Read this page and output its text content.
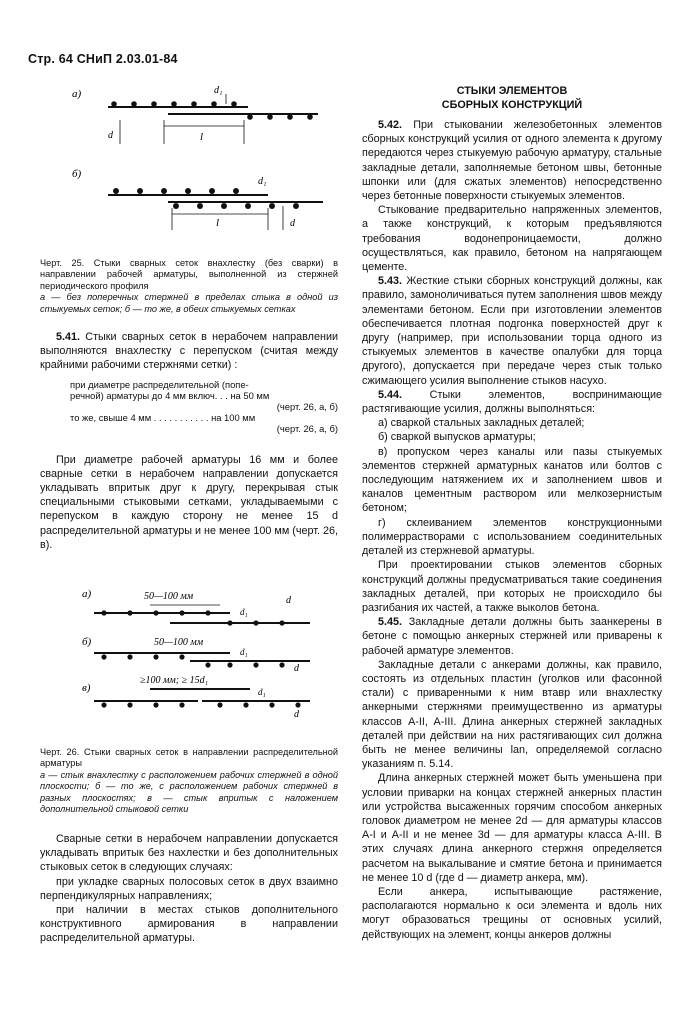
Стр. 64 СНиП 2.03.01-84
а)	d₁
l
d
б)
d₁
l	d

Черт. 25. Стыки сварных сеток внахлестку (без сварки) в направлении рабочей арматуры, выполненной из стержней периодического профиля

а — без поперечных стержней в пределах стыка в одной из стыкуемых сеток; б — то же, в обеих стыкуемых сетках

5.41. Стыки сварных сеток в нерабочем направлении выполняются внахлестку с перепуском (считая между крайними рабочими стержнями сетки) :

при диаметре распределительной (попе-
речной) арматуры до 4 мм включ. . . на 50 мм
(черт. 26, а, б)
то же, свыше 4 мм . . . . . . . . . . . на 100 мм
(черт. 26, а, б)

При диаметре рабочей арматуры 16 мм и более сварные сетки в нерабочем направлении допускается укладывать впритык друг к другу, перекрывая стык специальными стыковыми сетками, укладываемыми с перепуском в каждую сторону не менее 15 d распределительной арматуры и не менее 100 мм (черт. 26, в).

а)	50—100 мм
d₁
d
б)	50—100 мм
d₁
d
в)
≥100 мм; ≥ 15d₁
d₁
d

Черт. 26. Стыки сварных сеток в направлении распределительной арматуры

а — стык внахлестку с расположением рабочих стержней в одной плоскости; б — то же, с расположением рабочих стержней в разных плоскостях; в — стык впритык с наложением дополнительной стыковой сетки

Сварные сетки в нерабочем направлении допускается укладывать впритык без нахлестки и без дополнительных стыковых сеток в следующих случаях:

при укладке сварных полосовых сеток в двух взаимно перпендикулярных направлениях;

при наличии в местах стыков дополнительного конструктивного армирования в направлении распределительной арматуры.

СТЫКИ ЭЛЕМЕНТОВ
СБОРНЫХ КОНСТРУКЦИЙ

5.42. При стыковании железобетонных элементов сборных конструкций усилия от одного элемента к другому передаются через стыкуемую рабочую арматуру, стальные закладные детали, заполняемые бетоном швы, бетонные шпонки или (для сжатых элементов) непосредственно через бетонные поверхности стыкуемых элементов.

Стыкование предварительно напряженных элементов, а также конструкций, к которым предъявляются требования водонепроницаемости, должно осуществляться, как правило, бетоном на напрягающем цементе.

5.43. Жесткие стыки сборных конструкций должны, как правило, замоноличиваться путем заполнения швов между элементами бетоном. Если при изготовлении элементов обеспечивается плотная подгонка поверхностей друг к другу (например, при использовании торца одного из стыкуемых элементов в качестве опалубки для торца другого), допускается при передаче через стык только сжимающего усилия выполнение стыков насухо.

5.44.	Стыки элементов, воспринимающие растягивающие усилия, должны выполняться:

а) сваркой стальных закладных деталей;

б) сваркой выпусков арматуры;

в) пропуском через каналы или пазы стыкуемых элементов стержней арматурных канатов или болтов с последующим натяжением их и заполнением швов и каналов цементным раствором или мелкозернистым бетоном;

г) склеиванием элементов конструкционными полимеррастворами с использованием соединительных деталей из стержневой арматуры.

При проектировании стыков элементов сборных конструкций должны предусматриваться такие соединения закладных деталей, при которых не происходило бы разгибания их частей, а также выколов бетона.

5.45. Закладные детали должны быть заанкерены в бетоне с помощью анкерных стержней или приварены к рабочей арматуре элементов.

Закладные детали с анкерами должны, как правило, состоять из отдельных пластин (уголков или фасонной стали) с приваренными к ним втавр или внахлестку анкерными стержнями преимущественно из арматуры классов A-II, A-III. Длина анкерных стержней закладных деталей при действии на них растягивающих сил должна быть не менее величины lan, определяемой согласно указаниям п. 5.14.

Длина анкерных стержней может быть уменьшена при условии приварки на концах стержней анкерных пластин или устройства высаженных горячим способом анкерных головок диаметром не менее 2d — для арматуры классов A-I и A-II и не менее 3d — для арматуры класса A-III. В этих случаях длина анкерного стержня определяется расчетом на выкалывание и смятие бетона и принимается не менее 10 d (где d — диаметр анкера, мм).

Если анкера, испытывающие растяжение, располагаются нормально к оси элемента и вдоль них могут образоваться трещины от основных усилий, действующих на элемент, концы анкеров должны
